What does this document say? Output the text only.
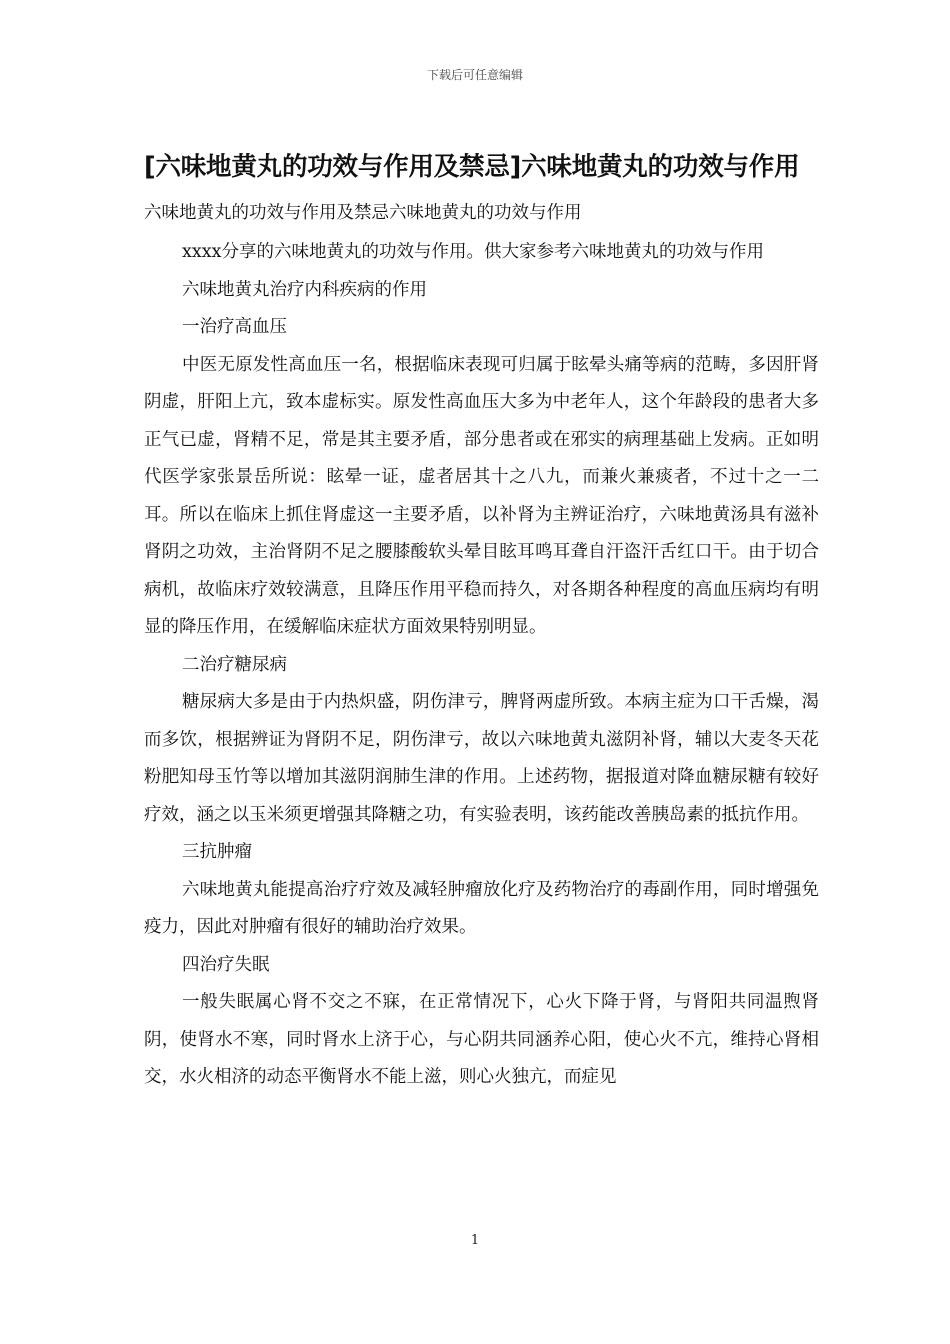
下载后可任意编辑
[六味地黄丸的功效与作用及禁忌]六味地黄丸的功效与作用

六味地黄丸的功效与作用及禁忌六味地黄丸的功效与作用

xxxx分享的六味地黄丸的功效与作用。供大家参考六味地黄丸的功效与作用

六味地黄丸治疗内科疾病的作用

一治疗高血压

中医无原发性高血压一名，根据临床表现可归属于眩晕头痛等病的范畴，多因肝肾阴虚，肝阳上亢，致本虚标实。原发性高血压大多为中老年人，这个年龄段的患者大多正气已虚，肾精不足，常是其主要矛盾，部分患者或在邪实的病理基础上发病。正如明代医学家张景岳所说：眩晕一证，虚者居其十之八九，而兼火兼痰者，不过十之一二耳。所以在临床上抓住肾虚这一主要矛盾，以补肾为主辨证治疗，六味地黄汤具有滋补肾阴之功效，主治肾阴不足之腰膝酸软头晕目眩耳鸣耳聋自汗盗汗舌红口干。由于切合病机，故临床疗效较满意，且降压作用平稳而持久，对各期各种程度的高血压病均有明显的降压作用，在缓解临床症状方面效果特别明显。

二治疗糖尿病

糖尿病大多是由于内热炽盛，阴伤津亏，脾肾两虚所致。本病主症为口干舌燥，渴而多饮，根据辨证为肾阴不足，阴伤津亏，故以六味地黄丸滋阴补肾，辅以大麦冬天花粉肥知母玉竹等以增加其滋阴润肺生津的作用。上述药物，据报道对降血糖尿糖有较好疗效，涵之以玉米须更增强其降糖之功，有实验表明，该药能改善胰岛素的抵抗作用。

三抗肿瘤

六味地黄丸能提高治疗疗效及减轻肿瘤放化疗及药物治疗的毒副作用，同时增强免疫力，因此对肿瘤有很好的辅助治疗效果。

四治疗失眠

一般失眠属心肾不交之不寐，在正常情况下，心火下降于肾，与肾阳共同温煦肾阴，使肾水不寒，同时肾水上济于心，与心阴共同涵养心阳，使心火不亢，维持心肾相交，水火相济的动态平衡肾水不能上滋，则心火独亢，而症见

1
